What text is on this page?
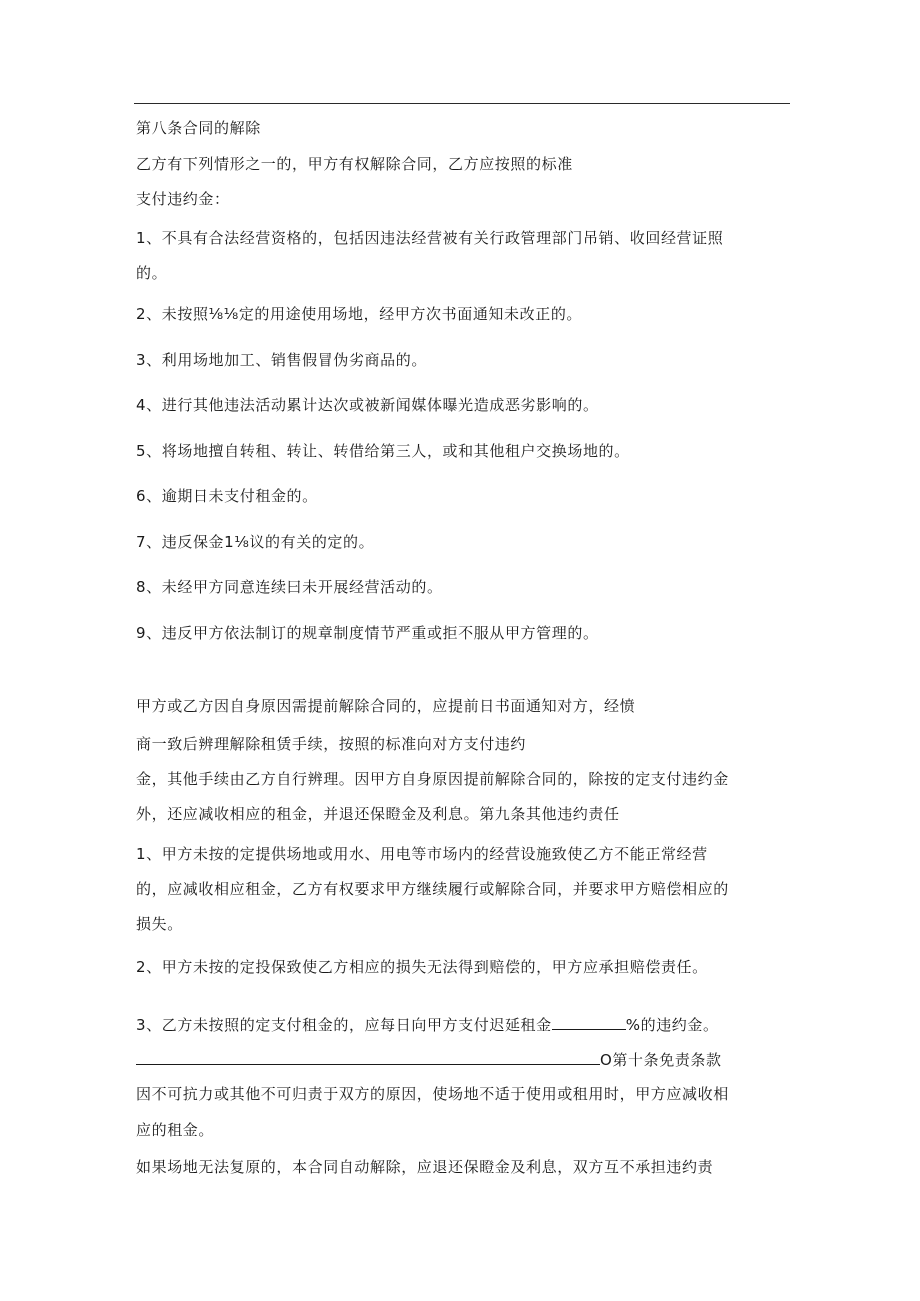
第八条合同的解除
乙方有下列情形之一的，甲方有权解除合同，乙方应按照的标准
支付违约金：
1、不具有合法经营资格的，包括因违法经营被有关行政管理部门吊销、收回经营证照
的。
2、未按照⅛⅛定的用途使用场地，经甲方次书面通知未改正的。
3、利用场地加工、销售假冒伪劣商品的。
4、进行其他违法活动累计达次或被新闻媒体曝光造成恶劣影响的。
5、将场地擅自转租、转让、转借给第三人，或和其他租户交换场地的。
6、逾期日未支付租金的。
7、违反保金1⅛议的有关的定的。
8、未经甲方同意连续曰未开展经营活动的。
9、违反甲方依法制订的规章制度情节严重或拒不服从甲方管理的。
甲方或乙方因自身原因需提前解除合同的，应提前日书面通知对方，经愤
商一致后辨理解除租赁手续，按照的标准向对方支付违约
金，其他手续由乙方自行辨理。因甲方自身原因提前解除合同的，除按的定支付违约金
外，还应减收相应的租金，并退还保瞪金及利息。第九条其他违约责任
1、甲方未按的定提供场地或用水、用电等市场内的经营设施致使乙方不能正常经营
的，应减收相应租金，乙方有权要求甲方继续履行或解除合同，并要求甲方赔偿相应的
损失。
2、甲方未按的定投保致使乙方相应的损失无法得到赔偿的，甲方应承担赔偿责任。
3、乙方未按照的定支付租金的，应每日向甲方支付迟延租金	%的违约金。
O第十条免责条款
因不可抗力或其他不可归责于双方的原因，使场地不适于使用或租用时，甲方应减收相
应的租金。
如果场地无法复原的，本合同自动解除，应退还保瞪金及利息，双方互不承担违约责
